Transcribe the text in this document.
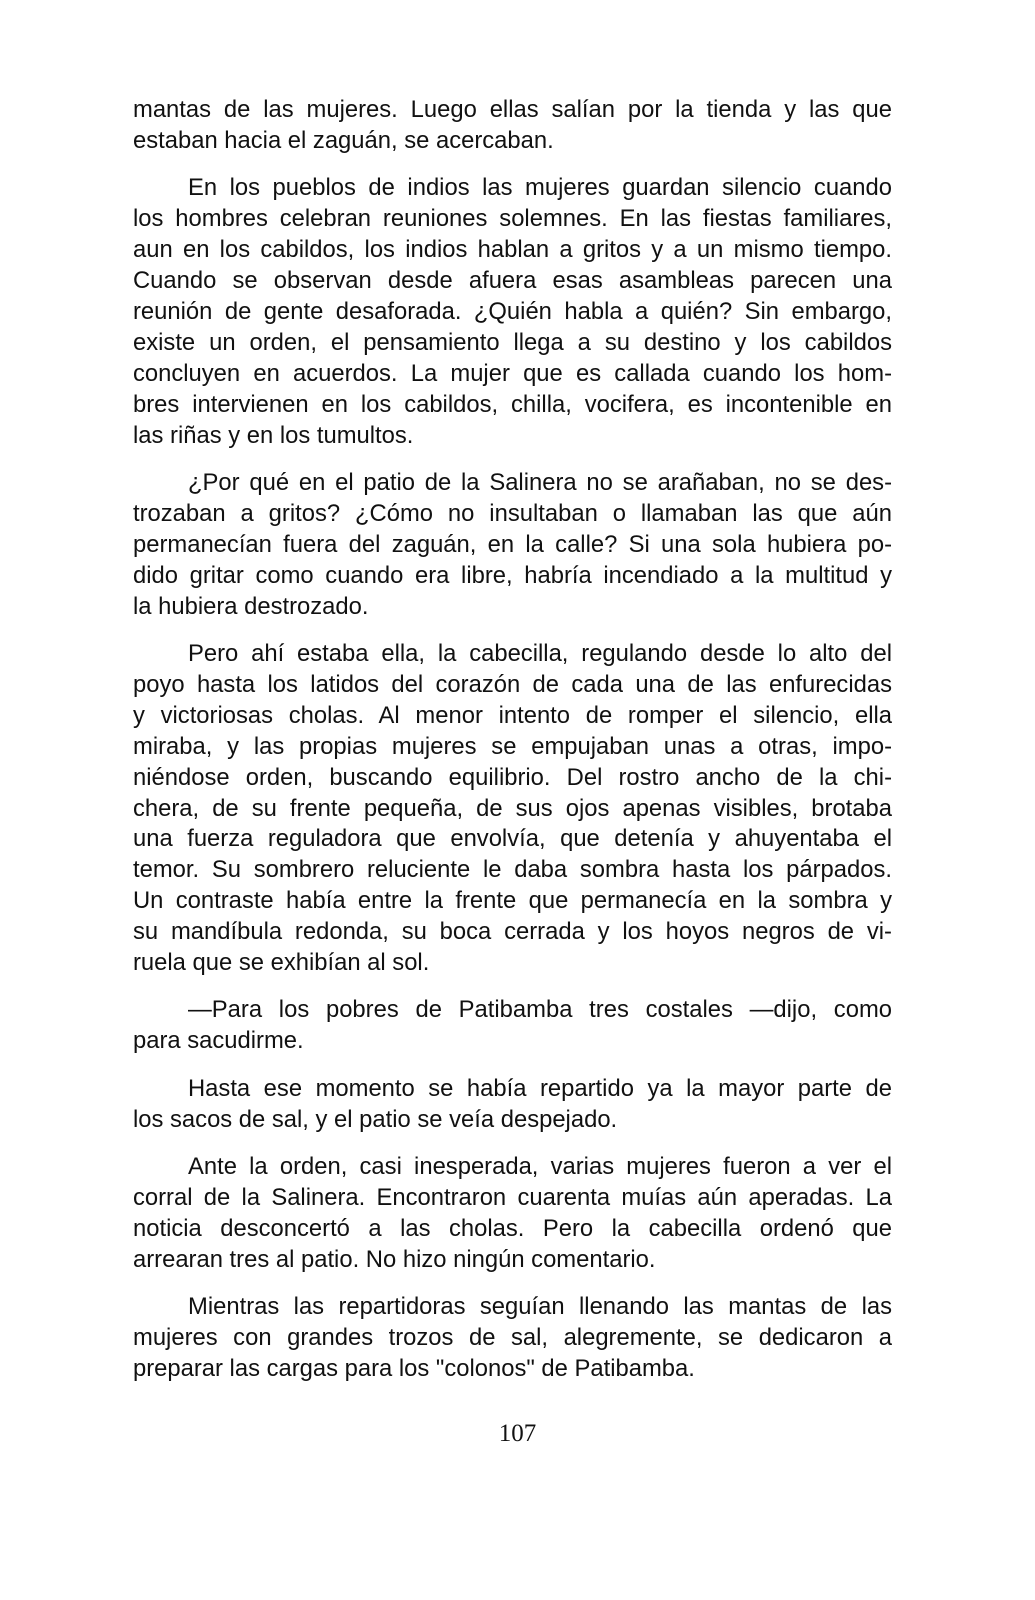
mantas de las mujeres. Luego ellas salían por la tienda y las que
estaban hacia el zaguán, se acercaban.
En los pueblos de indios las mujeres guardan silencio cuando
los hombres celebran reuniones solemnes. En las fiestas familiares,
aun en los cabildos, los indios hablan a gritos y a un mismo tiempo.
Cuando se observan desde afuera esas asambleas parecen una
reunión de gente desaforada. ¿Quién habla a quién? Sin embargo,
existe un orden, el pensamiento llega a su destino y los cabildos
concluyen en acuerdos. La mujer que es callada cuando los hom-
bres intervienen en los cabildos, chilla, vocifera, es incontenible en
las riñas y en los tumultos.
¿Por qué en el patio de la Salinera no se arañaban, no se des-
trozaban a gritos? ¿Cómo no insultaban o llamaban las que aún
permanecían fuera del zaguán, en la calle? Si una sola hubiera po-
dido gritar como cuando era libre, habría incendiado a la multitud y
la hubiera destrozado.
Pero ahí estaba ella, la cabecilla, regulando desde lo alto del
poyo hasta los latidos del corazón de cada una de las enfurecidas
y victoriosas cholas. Al menor intento de romper el silencio, ella
miraba, y las propias mujeres se empujaban unas a otras, impo-
niéndose orden, buscando equilibrio. Del rostro ancho de la chi-
chera, de su frente pequeña, de sus ojos apenas visibles, brotaba
una fuerza reguladora que envolvía, que detenía y ahuyentaba el
temor. Su sombrero reluciente le daba sombra hasta los párpados.
Un contraste había entre la frente que permanecía en la sombra y
su mandíbula redonda, su boca cerrada y los hoyos negros de vi-
ruela que se exhibían al sol.
—Para los pobres de Patibamba tres costales —dijo, como
para sacudirme.
Hasta ese momento se había repartido ya la mayor parte de
los sacos de sal, y el patio se veía despejado.
Ante la orden, casi inesperada, varias mujeres fueron a ver el
corral de la Salinera. Encontraron cuarenta muías aún aperadas. La
noticia desconcertó a las cholas. Pero la cabecilla ordenó que
arrearan tres al patio. No hizo ningún comentario.
Mientras las repartidoras seguían llenando las mantas de las
mujeres con grandes trozos de sal, alegremente, se dedicaron a
preparar las cargas para los "colonos" de Patibamba.
107
